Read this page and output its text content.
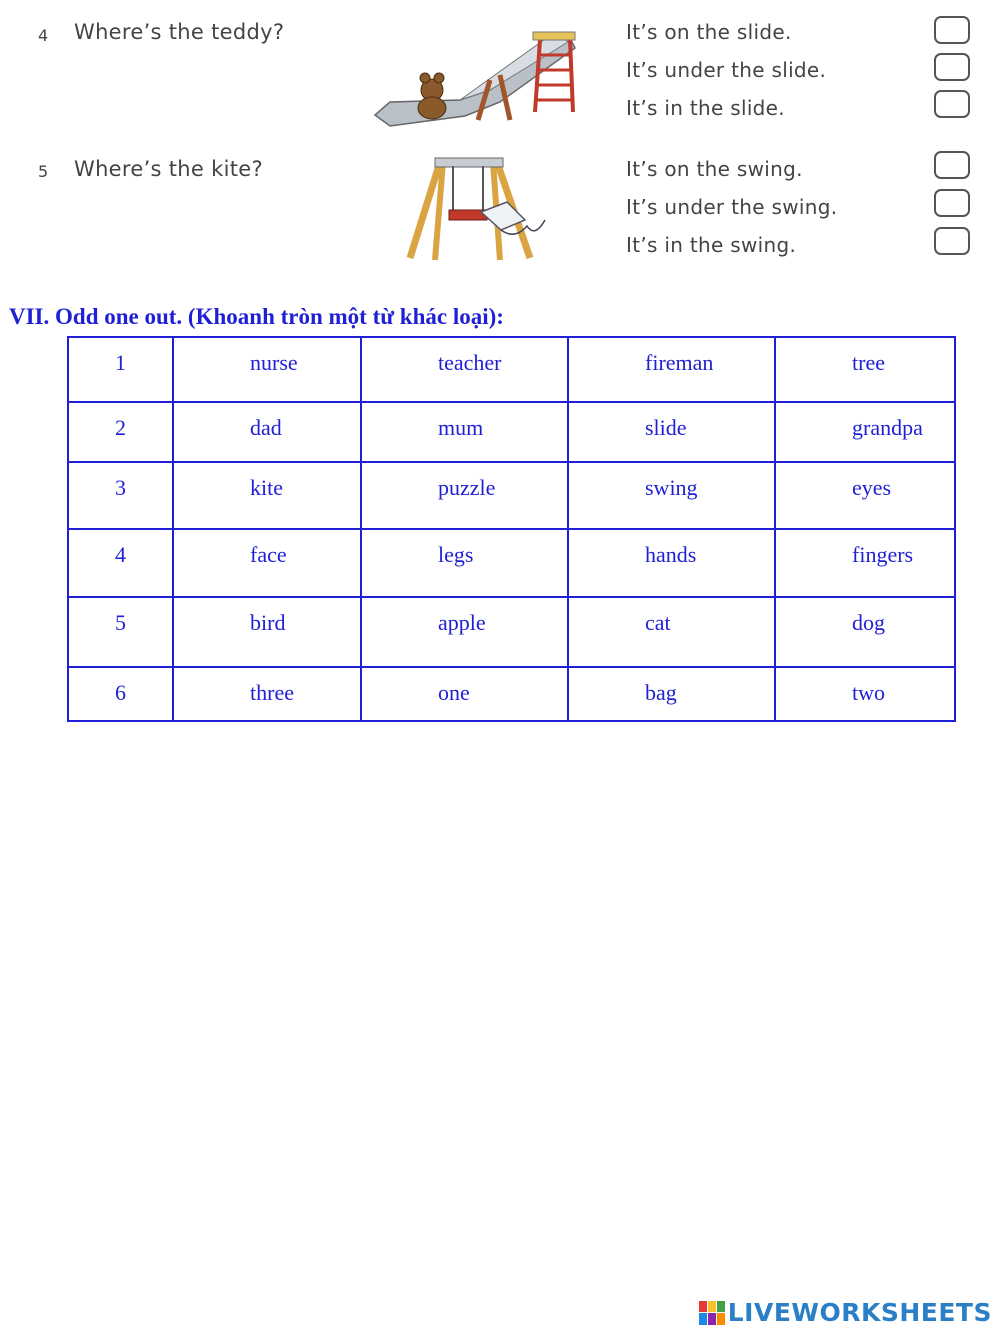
4 Where’s the teddy?	It’s on the slide.
It’s under the slide.
It’s in the slide.
5 Where’s the kite?	It’s on the swing.
It’s under the swing.
It’s in the swing.
VII. Odd one out. (Khoanh tròn một từ khác loại):
1	nurse	teacher	fireman	tree
2	dad	mum	slide	grandpa
3	kite	puzzle	swing	eyes
4	face	legs	hands	fingers
5	bird	apple	cat	dog
6	three	one	bag	two
LIVEWORKSHEETS
